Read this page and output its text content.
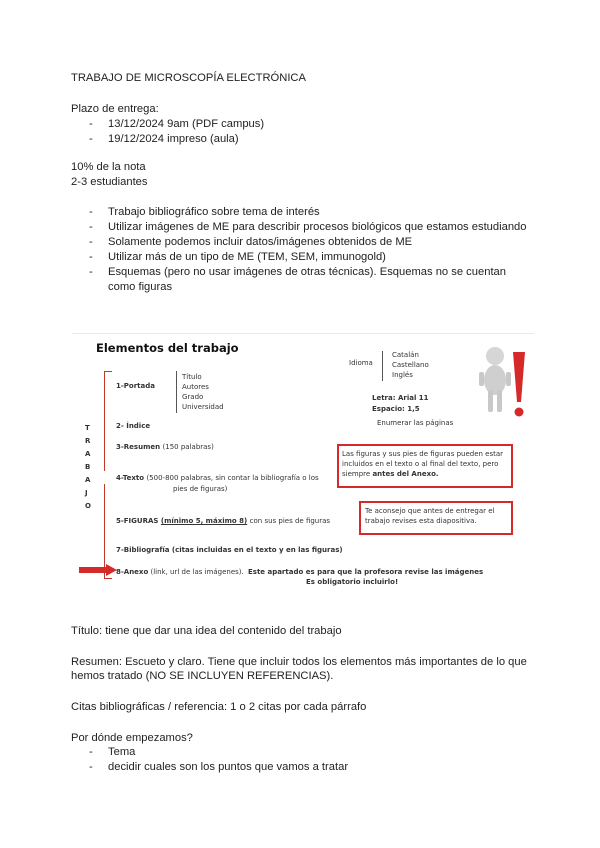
TRABAJO DE MICROSCOPÍA ELECTRÓNICA
Plazo de entrega:
- 13/12/2024 9am (PDF campus)
- 19/12/2024 impreso (aula)
10% de la nota
2-3 estudiantes
- Trabajo bibliográfico sobre tema de interés
- Utilizar imágenes de ME para describir procesos biológicos que estamos estudiando
- Solamente podemos incluir datos/imágenes obtenidos de ME
- Utilizar más de un tipo de ME (TEM, SEM, immunogold)
- Esquemas (pero no usar imágenes de otras técnicas). Esquemas no se cuentan
como figuras
Elementos del trabajo
T
R
A
B
A
J
O
1-Portada
Título
Autores
Grado
Universidad
2- Índice
3-Resumen (150 palabras)
4-Texto (500-800 palabras, sin contar la bibliografía o los
pies de figuras)
5-FIGURAS (mínimo 5, máximo 8) con sus pies de figuras
7-Bibliografía (citas incluidas en el texto y en las figuras)
8-Anexo (link, url de las imágenes). Este apartado es para que la profesora revise las imágenes
Es obligatorio incluirlo!
Idioma
Catalán
Castellano
Inglés
Letra: Arial 11
Espacio: 1,5
Enumerar las páginas
Las figuras y sus pies de figuras pueden estar
incluidos en el texto o al final del texto, pero
siempre antes del Anexo.
Te aconsejo que antes de entregar el
trabajo revises esta diapositiva.
Título: tiene que dar una idea del contenido del trabajo
Resumen: Escueto y claro. Tiene que incluir todos los elementos más importantes de lo que
hemos tratado (NO SE INCLUYEN REFERENCIAS).
Citas bibliográficas / referencia: 1 o 2 citas por cada párrafo
Por dónde empezamos?
- Tema
- decidir cuales son los puntos que vamos a tratar
